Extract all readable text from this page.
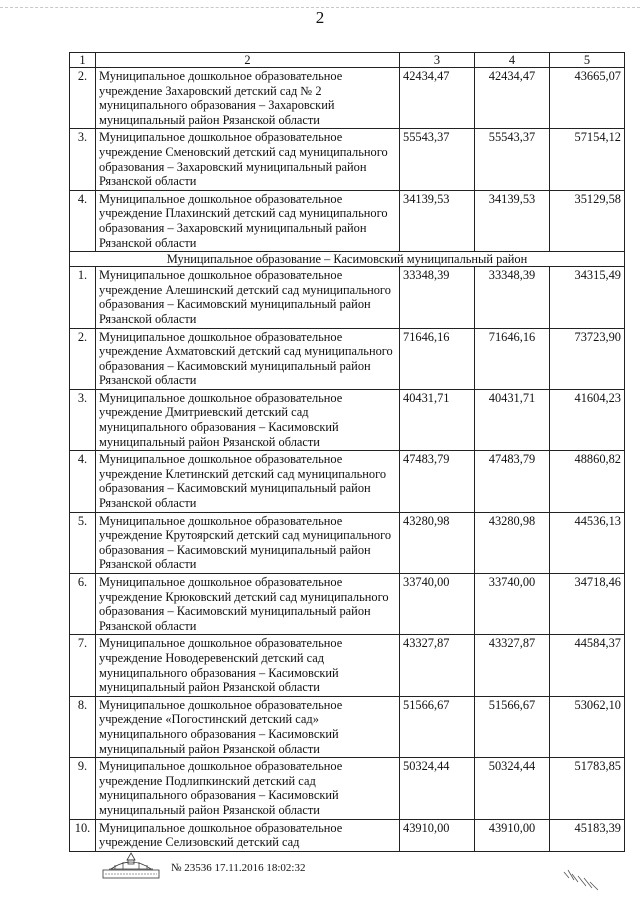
2
1	2	3	4	5
2.	Муниципальное дошкольное образовательное учреждение Захаровский детский сад № 2 муниципального образования – Захаровский муниципальный район Рязанской области	42434,47	42434,47	43665,07
3.	Муниципальное дошкольное образовательное учреждение Сменовский детский сад муниципального образования – Захаровский муниципальный район Рязанской области	55543,37	55543,37	57154,12
4.	Муниципальное дошкольное образовательное учреждение Плахинский детский сад муниципального образования – Захаровский муниципальный район Рязанской области	34139,53	34139,53	35129,58
Муниципальное образование – Касимовский муниципальный район				
1.	Муниципальное дошкольное образовательное учреждение Алешинский детский сад муниципального образования – Касимовский муниципальный район Рязанской области	33348,39	33348,39	34315,49
2.	Муниципальное дошкольное образовательное учреждение Ахматовский детский сад муниципального образования – Касимовский муниципальный район Рязанской области	71646,16	71646,16	73723,90
3.	Муниципальное дошкольное образовательное учреждение Дмитриевский детский сад муниципального образования – Касимовский муниципальный район Рязанской области	40431,71	40431,71	41604,23
4.	Муниципальное дошкольное образовательное учреждение Клетинский детский сад муниципального образования – Касимовский муниципальный район Рязанской области	47483,79	47483,79	48860,82
5.	Муниципальное дошкольное образовательное учреждение Крутоярский детский сад муниципального образования – Касимовский муниципальный район Рязанской области	43280,98	43280,98	44536,13
6.	Муниципальное дошкольное образовательное учреждение Крюковский детский сад муниципального образования – Касимовский муниципальный район Рязанской области	33740,00	33740,00	34718,46
7.	Муниципальное дошкольное образовательное учреждение Новодеревенский детский сад муниципального образования – Касимовский муниципальный район Рязанской области	43327,87	43327,87	44584,37
8.	Муниципальное дошкольное образовательное учреждение «Погостинский детский сад» муниципального образования – Касимовский муниципальный район Рязанской области	51566,67	51566,67	53062,10
9.	Муниципальное дошкольное образовательное учреждение Подлипкинский детский сад муниципального образования – Касимовский муниципальный район Рязанской области	50324,44	50324,44	51783,85
10.	Муниципальное дошкольное образовательное учреждение Селизовский детский сад	43910,00	43910,00	45183,39
№ 23536 17.11.2016 18:02:32
